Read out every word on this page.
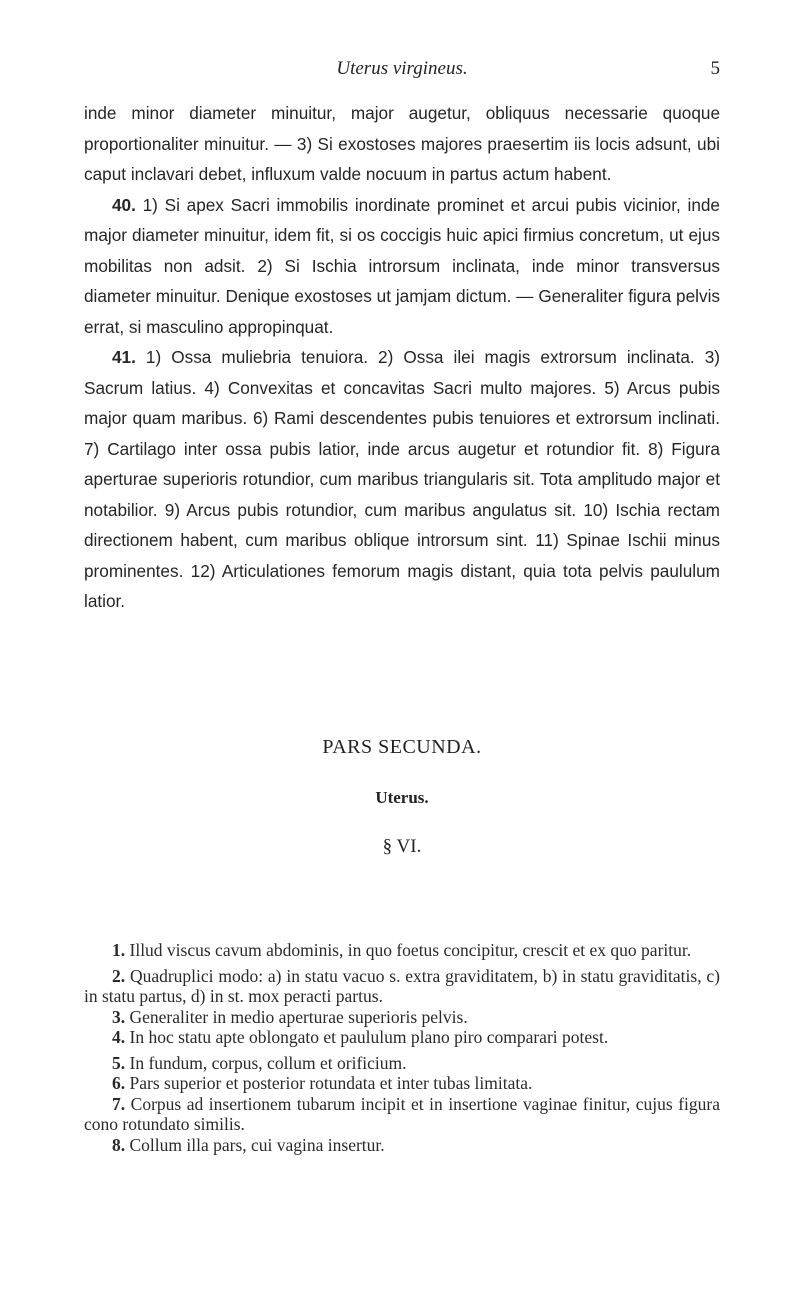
Uterus virgineus.	5

inde minor diameter minuitur, major augetur, obliquus necessarie quoque proportionaliter minuitur. — 3) Si exostoses majores praesertim iis locis adsunt, ubi caput inclavari debet, influxum valde nocuum in partus actum habent.

40. 1) Si apex Sacri immobilis inordinate prominet et arcui pubis vicinior, inde major diameter minuitur, idem fit, si os coccigis huic apici firmius concretum, ut ejus mobilitas non adsit. 2) Si Ischia introrsum inclinata, inde minor transversus diameter minuitur. Denique exostoses ut jamjam dictum. — Generaliter figura pelvis errat, si masculino appropinquat.

41. 1) Ossa muliebria tenuiora. 2) Ossa ilei magis extrorsum inclinata. 3) Sacrum latius. 4) Convexitas et concavitas Sacri multo majores. 5) Arcus pubis major quam maribus. 6) Rami descendentes pubis tenuiores et extrorsum inclinati. 7) Cartilago inter ossa pubis latior, inde arcus augetur et rotundior fit. 8) Figura aperturae superioris rotundior, cum maribus triangularis sit. Tota amplitudo major et notabilior. 9) Arcus pubis rotundior, cum maribus angulatus sit. 10) Ischia rectam directionem habent, cum maribus oblique introrsum sint. 11) Spinae Ischii minus prominentes. 12) Articulationes femorum magis distant, quia tota pelvis paululum latior.

PARS SECUNDA.
Uterus.
§ VI.

1. Illud viscus cavum abdominis, in quo foetus concipitur, crescit et ex quo paritur.

2. Quadruplici modo: a) in statu vacuo s. extra graviditatem, b) in statu graviditatis, c) in statu partus, d) in st. mox peracti partus.

3. Generaliter in medio aperturae superioris pelvis.

4. In hoc statu apte oblongato et paululum plano piro comparari potest.

5. In fundum, corpus, collum et orificium.

6. Pars superior et posterior rotundata et inter tubas limitata.

7. Corpus ad insertionem tubarum incipit et in insertione vaginae finitur, cujus figura cono rotundato similis.

8. Collum illa pars, cui vagina insertur.
